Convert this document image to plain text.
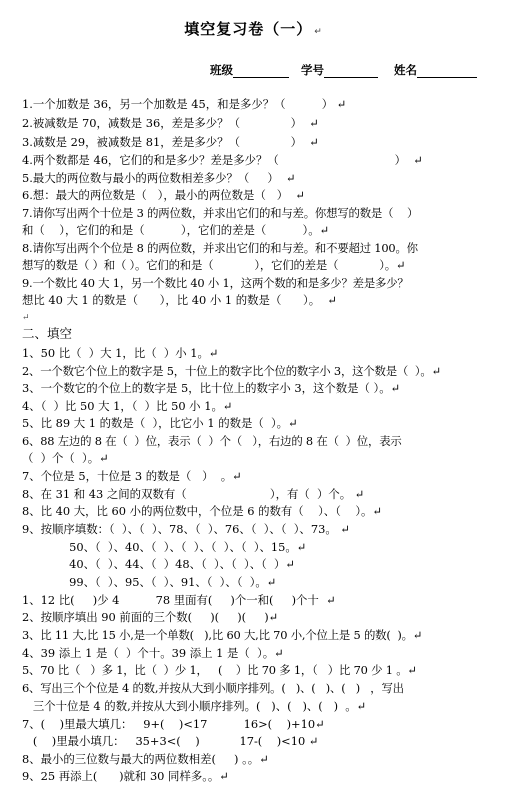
填空复习卷（一） ↵
班级	学号	姓名
1.一个加数是 36，另一个加数是 45，和是多少？（          ） ↵
2.被减数是 70，减数是 36，差是多少？（              ）  ↵
3.减数是 29，被减数是 81，差是多少？（              ）  ↵
4.两个数都是 46，它们的和是多少？差是多少？（                                ）  ↵
5.最大的两位数与最小的两位数相差多少？（     ）  ↵
6.想：最大的两位数是（   ），最小的两位数是（   ）  ↵
7.请你写出两个十位是 3 的两位数，并求出它们的和与差。你想写的数是（    ）
和（    ），它们的和是（          ），它们的差是（          ）。↵
8.请你写出两个个位是 8 的两位数，并求出它们的和与差。和不要超过 100。你
想写的数是（ ）和（ ）。它们的和是（            ），它们的差是（            ）。↵
9.一个数比 40 大 1，另一个数比 40 小 1，这两个数的和是多少？差是多少？
想比 40 大 1 的数是（      ），比 40 小 1 的数是（      ）。  ↵
↵
二、填空
1、50 比（  ）大 1，比（  ）小 1。↵
2、一个数它个位上的数字是 5，十位上的数字比个位的数字小 3，这个数是（  ）。↵
3、一个数它的个位上的数字是 5，比十位上的数字小 3，这个数是（ ）。↵
4、（  ）比 50 大 1，（  ）比 50 小 1。↵
5、比 89 大 1 的数是（  ），比它小 1 的数是（  ）。↵
6、88 左边的 8 在（  ）位，表示（  ）个（   ），右边的 8 在（  ）位，表示
（  ）个（  ）。↵
7、个位是 5，十位是 3 的数是（   ）  。↵
8、在 31 和 43 之间的双数有（                       ），有（  ）个。 ↵
8、比 40 大，比 60 小的两位数中，个位是 6 的数有（    ）、（    ）。↵
9、按顺序填数：（  ）、（  ）、78、（  ）、76、（  ）、（  ）、73。 ↵
50、（  ）、40、（  ）、（  ）、（  ）、（  ）、15。↵
40、（  ）、44、（  ）48、（  ）、（  ）、（  ）↵
99、（  ）、95、（  ）、91、（  ）、（  ）。↵
1、12 比(     )少 4          78 里面有(     )个一和(     )个十  ↵
2、按顺序填出 90 前面的三个数(     )(     )(     )↵
3、比 11 大,比 15 小,是一个单数(   ),比 60 大,比 70 小,个位上是 5 的数(  )。↵
4、39 添上 1 是（  ）个十。39 添上 1 是（  ）。↵
5、70 比（   ）多 1，比（  ）少 1，   (    ）比 70 多 1，（   ）比 70 少 1 。↵
6、写出三个个位是 4 的数,并按从大到小顺序排列。(   )、(   )、(   )   ，写出
三个十位是 4 的数,并按从大到小顺序排列。(   )、(   )、(   )  。↵
7、(    )里最大填几：   9+(    )<17          16>(    )+10↵
(    )里最小填几：   35+3<(    )           17-(    )<10 ↵
8、最小的三位数与最大的两位数相差(     ) 。。↵
9、25 再添上(      )就和 30 同样多。。↵
